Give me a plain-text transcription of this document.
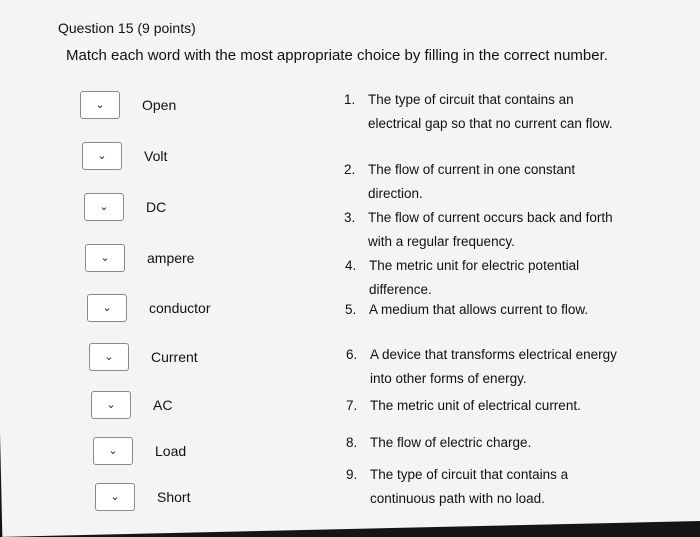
Question 15 (9 points)
Match each word with the most appropriate choice by filling in the correct number.
⌄	Open
⌄	Volt
⌄	DC
⌄	ampere
⌄	conductor
⌄	Current
⌄	AC
⌄	Load
⌄	Short
1. The type of circuit that contains an electrical gap so that no current can flow.
2. The flow of current in one constant direction.
3. The flow of current occurs back and forth with a regular frequency.
4. The metric unit for electric potential difference.
5. A medium that allows current to flow.
6. A device that transforms electrical energy into other forms of energy.
7. The metric unit of electrical current.
8. The flow of electric charge.
9. The type of circuit that contains a continuous path with no load.
